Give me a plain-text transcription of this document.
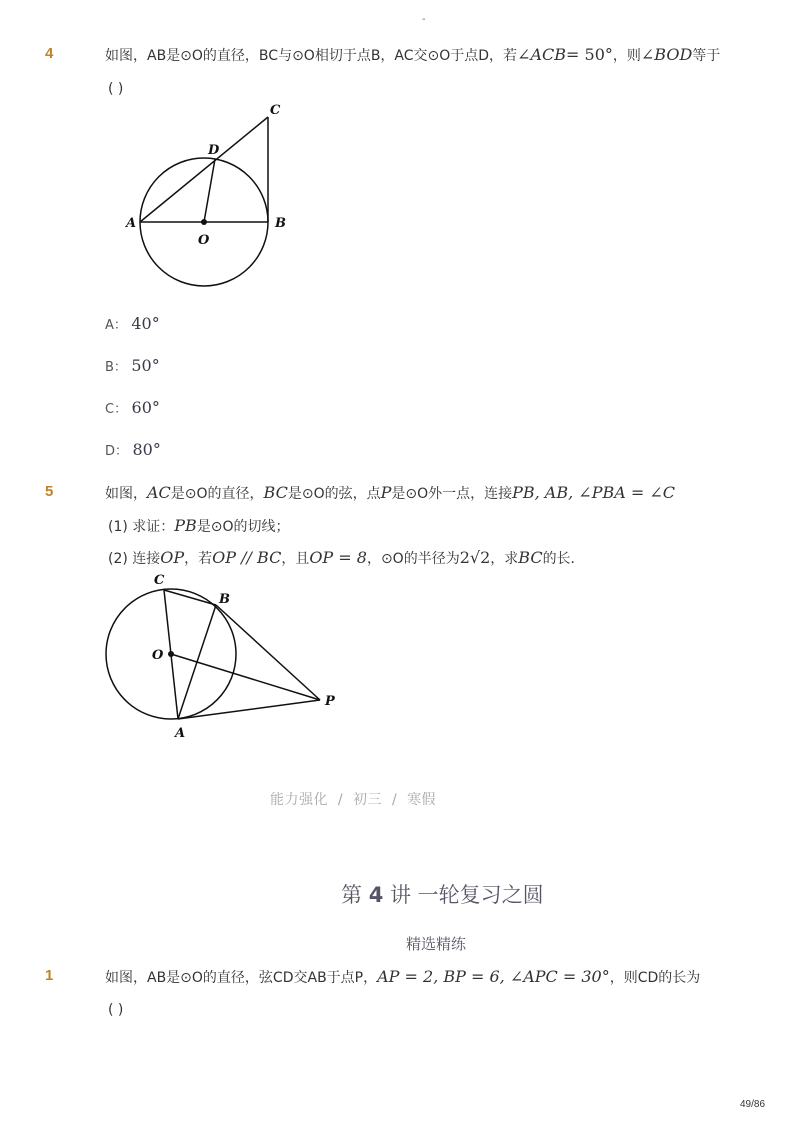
-
4	如图，AB是⊙O的直径，BC与⊙O相切于点B，AC交⊙O于点D，若∠ACB= 50°，则∠BOD等于
( )
A	B
C
D
O
A： 40°
B： 50°
C： 60°
D： 80°
5	如图，AC是⊙O的直径，BC是⊙O的弦，点P是⊙O外一点，连接PB, AB, ∠PBA = ∠C
(1) 求证：PB是⊙O的切线；
(2) 连接OP，若OP // BC，且OP = 8，⊙O的半径为2√2，求BC的长．
C
B
O
P
A
能力强化 / 初三 / 寒假
第 4 讲 一轮复习之圆
精选精练
1	如图，AB是⊙O的直径，弦CD交AB于点P，AP = 2, BP = 6, ∠APC = 30°，则CD的长为
( )
49/86
